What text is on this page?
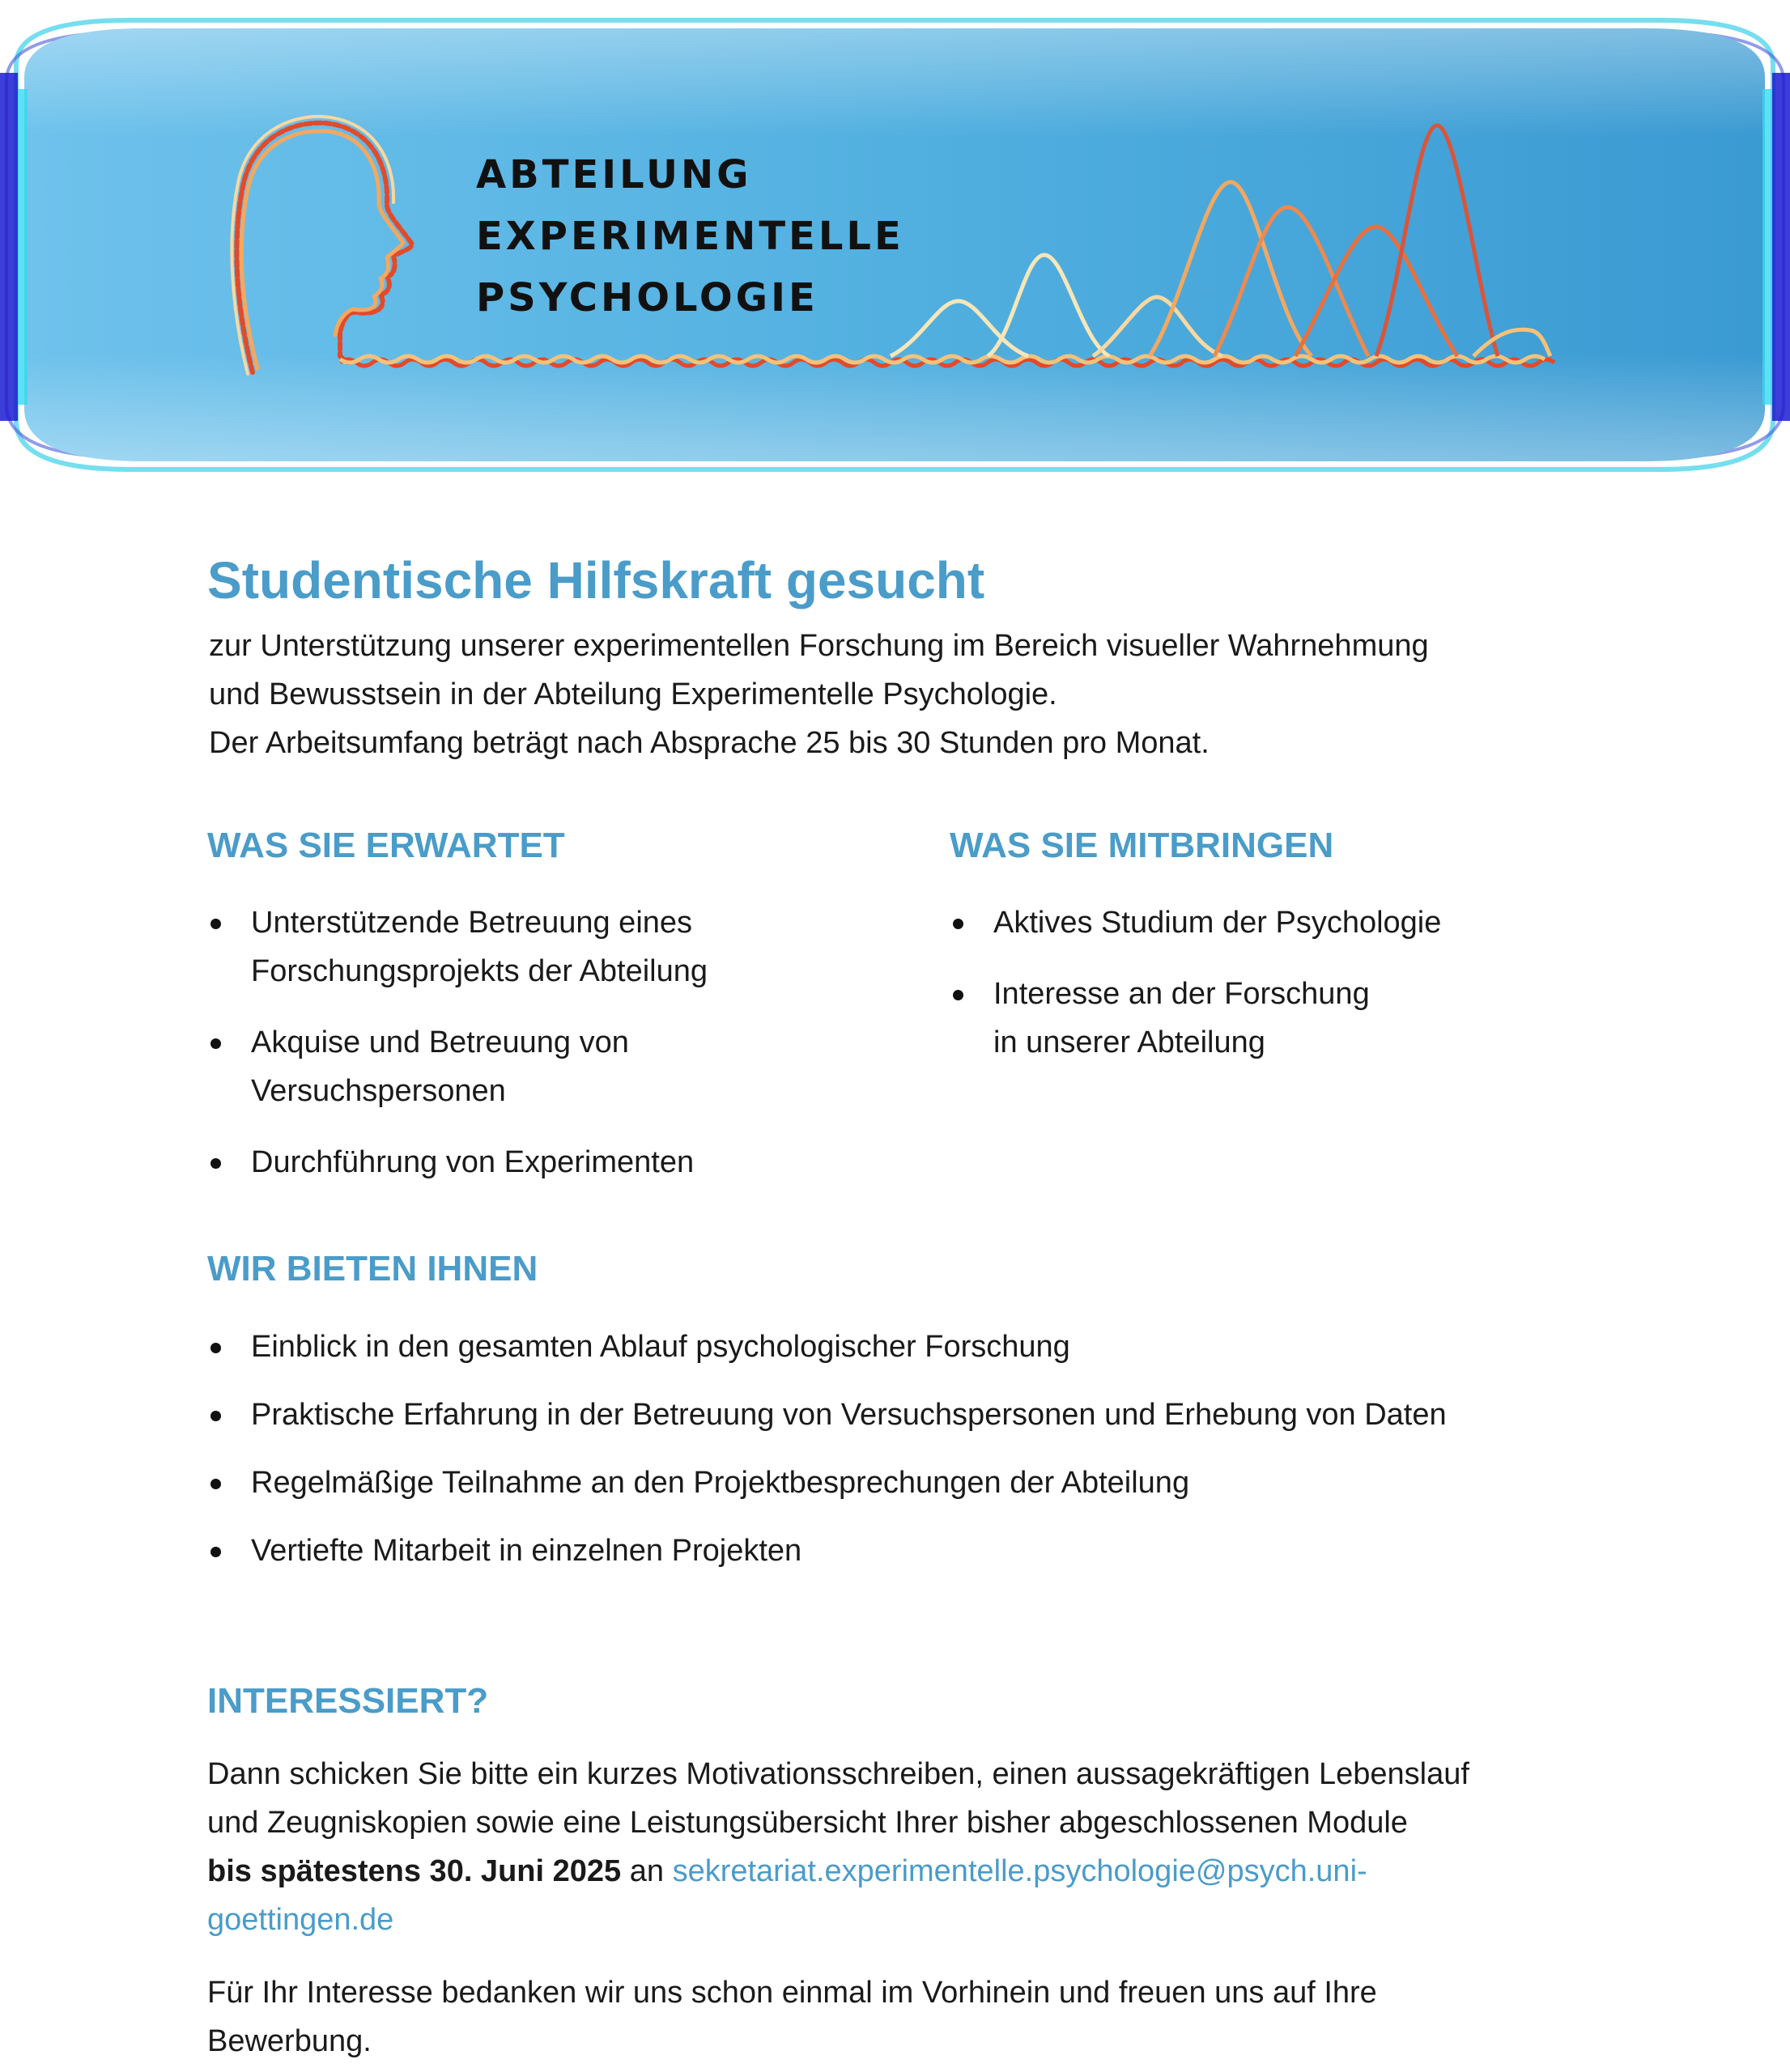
ABTEILUNG
EXPERIMENTELLE
PSYCHOLOGIE
Studentische Hilfskraft gesucht
zur Unterstützung unserer experimentellen Forschung im Bereich visueller Wahrnehmung
und Bewusstsein in der Abteilung Experimentelle Psychologie.
Der Arbeitsumfang beträgt nach Absprache 25 bis 30 Stunden pro Monat.
WAS SIE ERWARTET
Unterstützende Betreuung eines
Forschungsprojekts der Abteilung
Akquise und Betreuung von
Versuchspersonen
Durchführung von Experimenten
WAS SIE MITBRINGEN
Aktives Studium der Psychologie
Interesse an der Forschung
in unserer Abteilung
WIR BIETEN IHNEN
Einblick in den gesamten Ablauf psychologischer Forschung
Praktische Erfahrung in der Betreuung von Versuchspersonen und Erhebung von Daten
Regelmäßige Teilnahme an den Projektbesprechungen der Abteilung
Vertiefte Mitarbeit in einzelnen Projekten
INTERESSIERT?
Dann schicken Sie bitte ein kurzes Motivationsschreiben, einen aussagekräftigen Lebenslauf
und Zeugniskopien sowie eine Leistungsübersicht Ihrer bisher abgeschlossenen Module
bis spätestens 30. Juni 2025 an sekretariat.experimentelle.psychologie@psych.uni-
goettingen.de
Für Ihr Interesse bedanken wir uns schon einmal im Vorhinein und freuen uns auf Ihre
Bewerbung.
